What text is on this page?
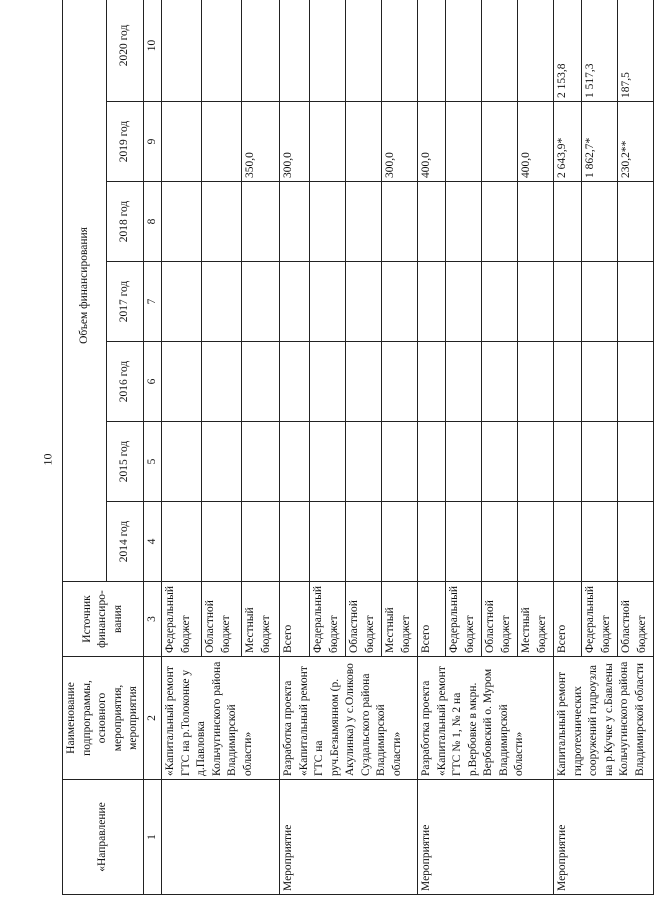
10
«Направление	Наименование подпрограммы, основного мероприятия, мероприятия	Источник финансиро-вания	Объем финансирования						
			2014 год	2015 год	2016 год	2017 год	2018 год	2019 год	2020 год
1	2	3	4	5	6	7	8	9	10
	«Капитальный ремонт ГТС на р.Толоконке у д.Павловка Кольчугинского района Владимирской области»	Федеральный бюджет							
		Областной бюджет							
		Местный бюджет						350,0	
Мероприятие	Разработка проекта «Капитальный ремонт ГТС на руч.Безымянном (р. Акулинка) у с.Оликово Суздальского района Владимирской области»	Всего						300,0	
		Федеральный бюджет							
		Областной бюджет							
		Местный бюджет						300,0	
Мероприятие	Разработка проекта «Капитальный ремонт ГТС № 1, № 2 на р.Вербовке в мкрн. Вербовский о. Муром Владимирской области»	Всего						400,0	
		Федеральный бюджет							
		Областной бюджет							
		Местный бюджет						400,0	
Мероприятие	Капитальный ремонт гидротехнических сооружений гидроузла на р.Кучке у с.Бавлены Кольчугинского района Владимирской области	Всего						2 643,9*	2 153,8
		Федеральный бюджет						1 862,7*	1 517,3
		Областной бюджет						230,2**	187,5
